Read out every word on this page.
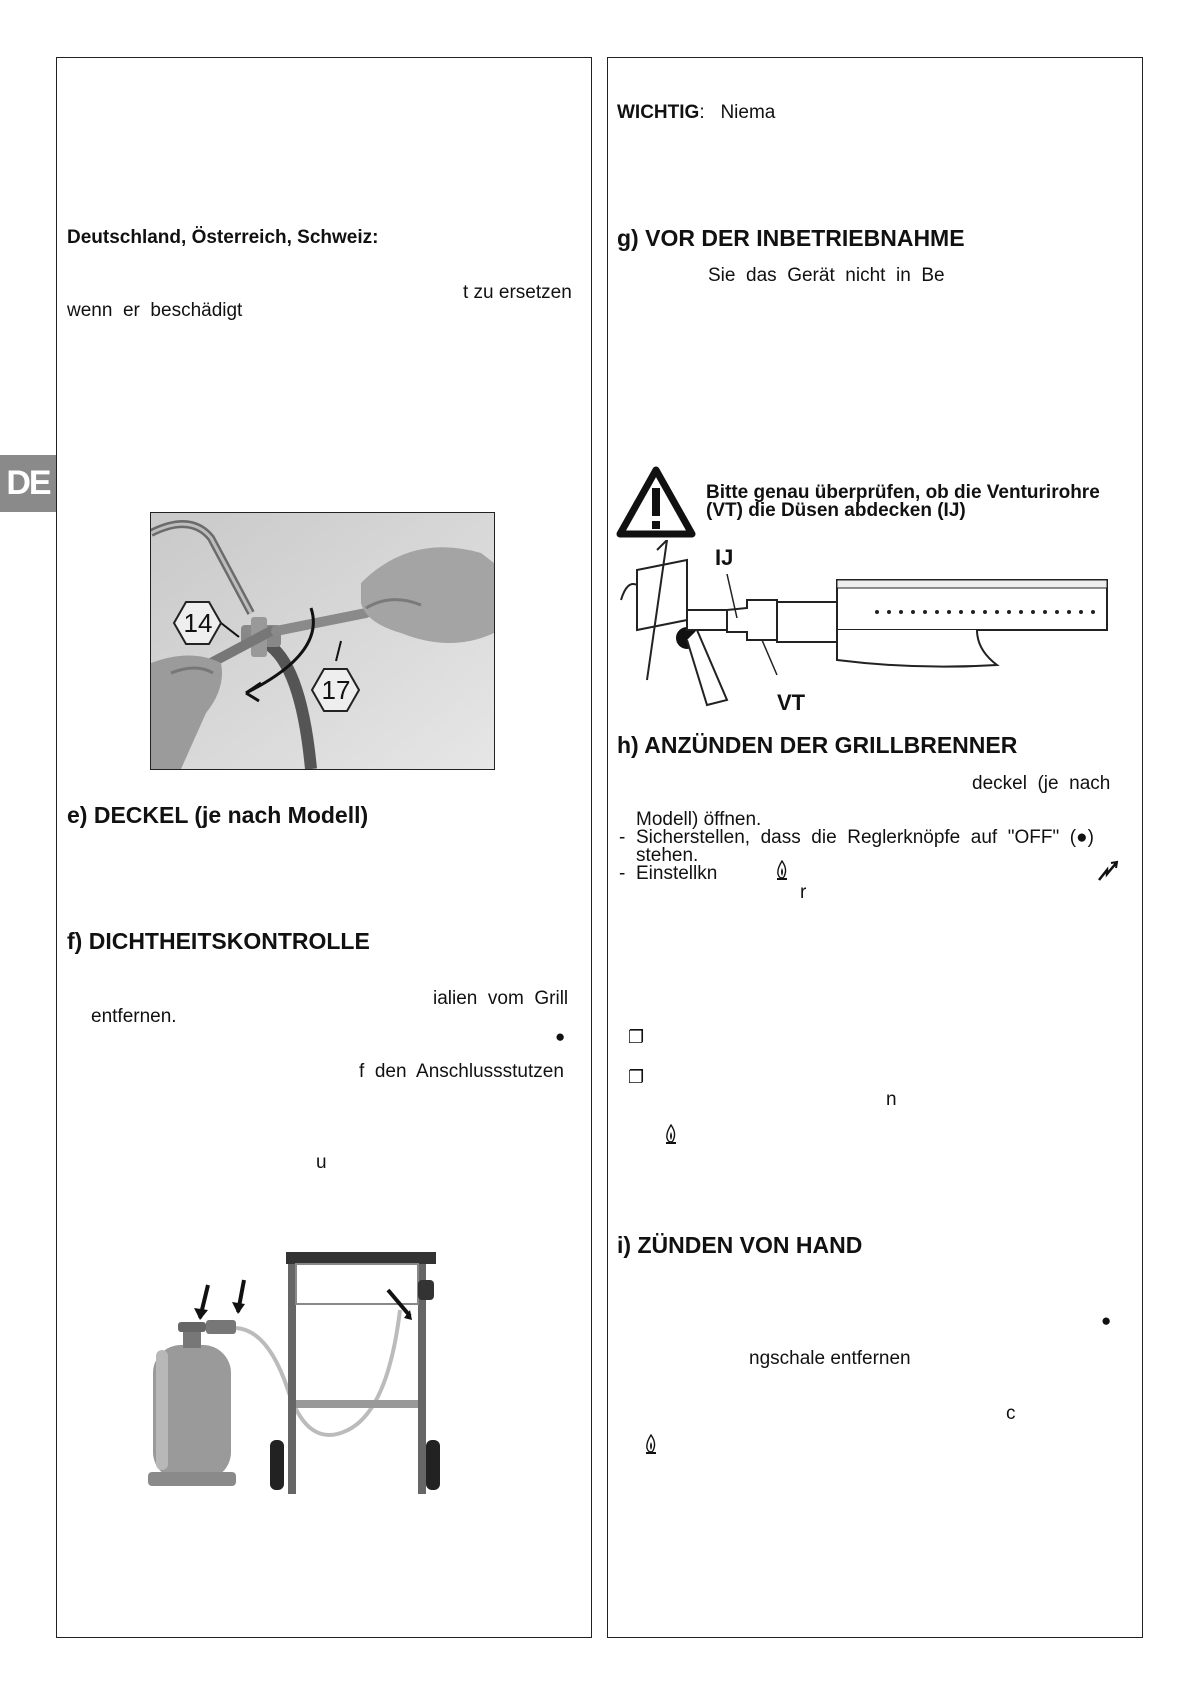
DE

Deutschland, Österreich, Schweiz:

t zu ersetzen

wenn  er  beschädigt

14
17

e) DECKEL (je nach Modell)

f) DICHTHEITSKONTROLLE

ialien  vom  Grill

entfernen.

●

f  den  Anschlussstutzen

u

WICHTIG: Niema

g) VOR DER INBETRIEBNAHME

Sie  das  Gerät  nicht  in  Be

Bitte genau überprüfen, ob die Venturirohre
(VT) die Düsen abdecken (IJ)
IJ
VT

h) ANZÜNDEN DER GRILLBRENNER

deckel  (je  nach

Modell) öffnen.

- Sicherstellen,  dass  die  Reglerknöpfe  auf  "OFF"  (●)

stehen.

- Einstellkn

r

❐
❐

n

i) ZÜNDEN VON HAND

●

ngschale entfernen

c
